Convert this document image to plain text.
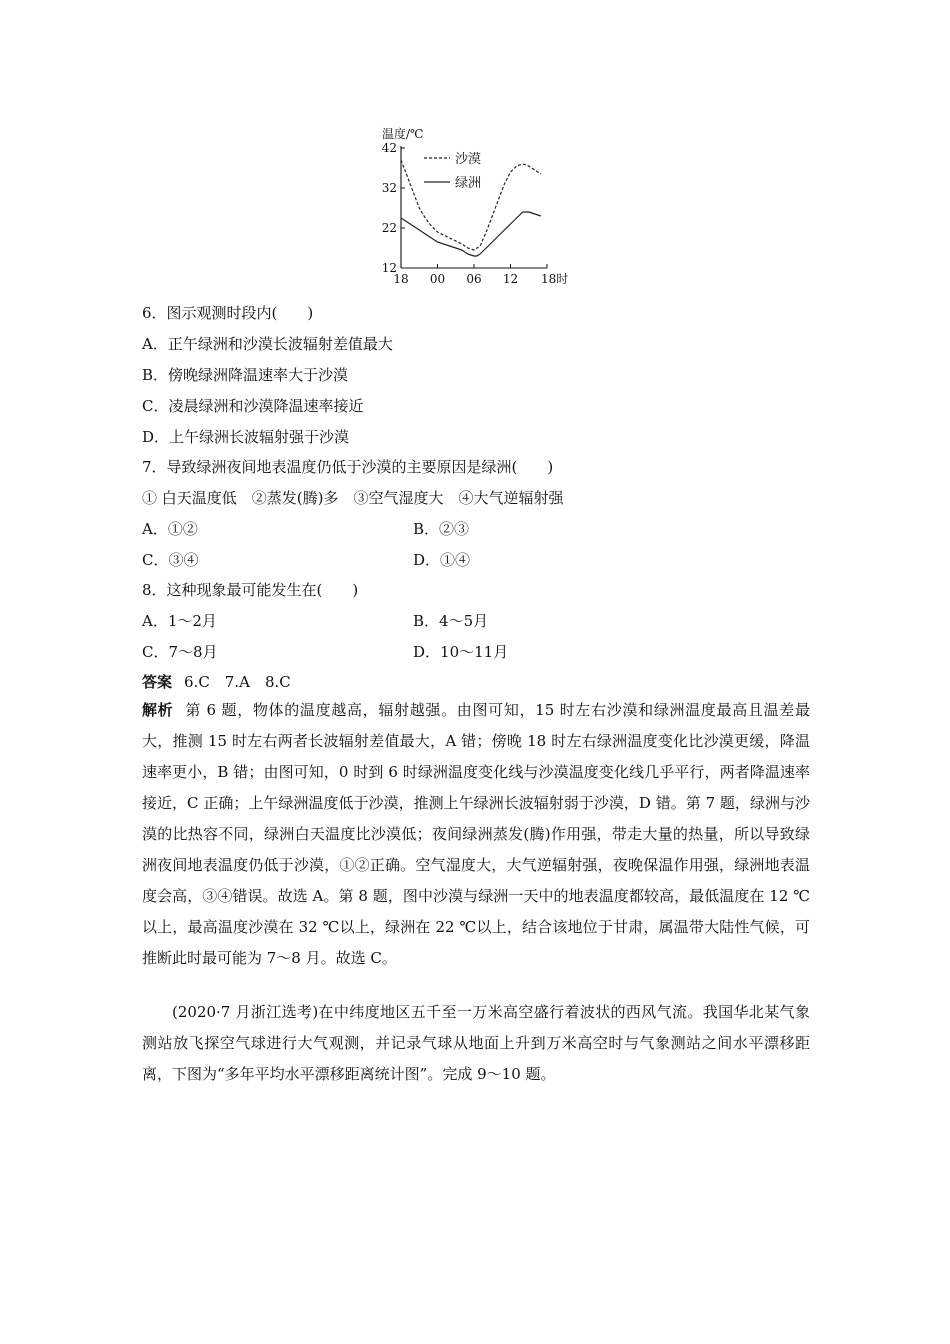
温度/℃
42
32
22
12
18 00 06 12 18时
沙漠
绿洲
6．图示观测时段内(　　)
A．正午绿洲和沙漠长波辐射差值最大
B．傍晚绿洲降温速率大于沙漠
C．凌晨绿洲和沙漠降温速率接近
D．上午绿洲长波辐射强于沙漠
7．导致绿洲夜间地表温度仍低于沙漠的主要原因是绿洲(　　)
① 白天温度低　②蒸发(腾)多　③空气湿度大　④大气逆辐射强
A．①②	B．②③
C．③④	D．①④
8．这种现象最可能发生在(　　)
A．1～2月	B．4～5月
C．7～8月	D．10～11月
答案 6.C　7.A　8.C
解析 第 6 题，物体的温度越高，辐射越强。由图可知，15 时左右沙漠和绿洲温度最高且温差最大，推测 15 时左右两者长波辐射差值最大，A 错；傍晚 18 时左右绿洲温度变化比沙漠更缓，降温速率更小，B 错；由图可知，0 时到 6 时绿洲温度变化线与沙漠温度变化线几乎平行，两者降温速率接近，C 正确；上午绿洲温度低于沙漠，推测上午绿洲长波辐射弱于沙漠，D 错。第 7 题，绿洲与沙漠的比热容不同，绿洲白天温度比沙漠低；夜间绿洲蒸发(腾)作用强，带走大量的热量，所以导致绿洲夜间地表温度仍低于沙漠，①②正确。空气湿度大，大气逆辐射强，夜晚保温作用强，绿洲地表温度会高，③④错误。故选 A。第 8 题，图中沙漠与绿洲一天中的地表温度都较高，最低温度在 12 ℃以上，最高温度沙漠在 32 ℃以上，绿洲在 22 ℃以上，结合该地位于甘肃，属温带大陆性气候，可推断此时最可能为 7～8 月。故选 C。
(2020·7 月浙江选考)在中纬度地区五千至一万米高空盛行着波状的西风气流。我国华北某气象测站放飞探空气球进行大气观测，并记录气球从地面上升到万米高空时与气象测站之间水平漂移距离，下图为“多年平均水平漂移距离统计图”。完成 9～10 题。
